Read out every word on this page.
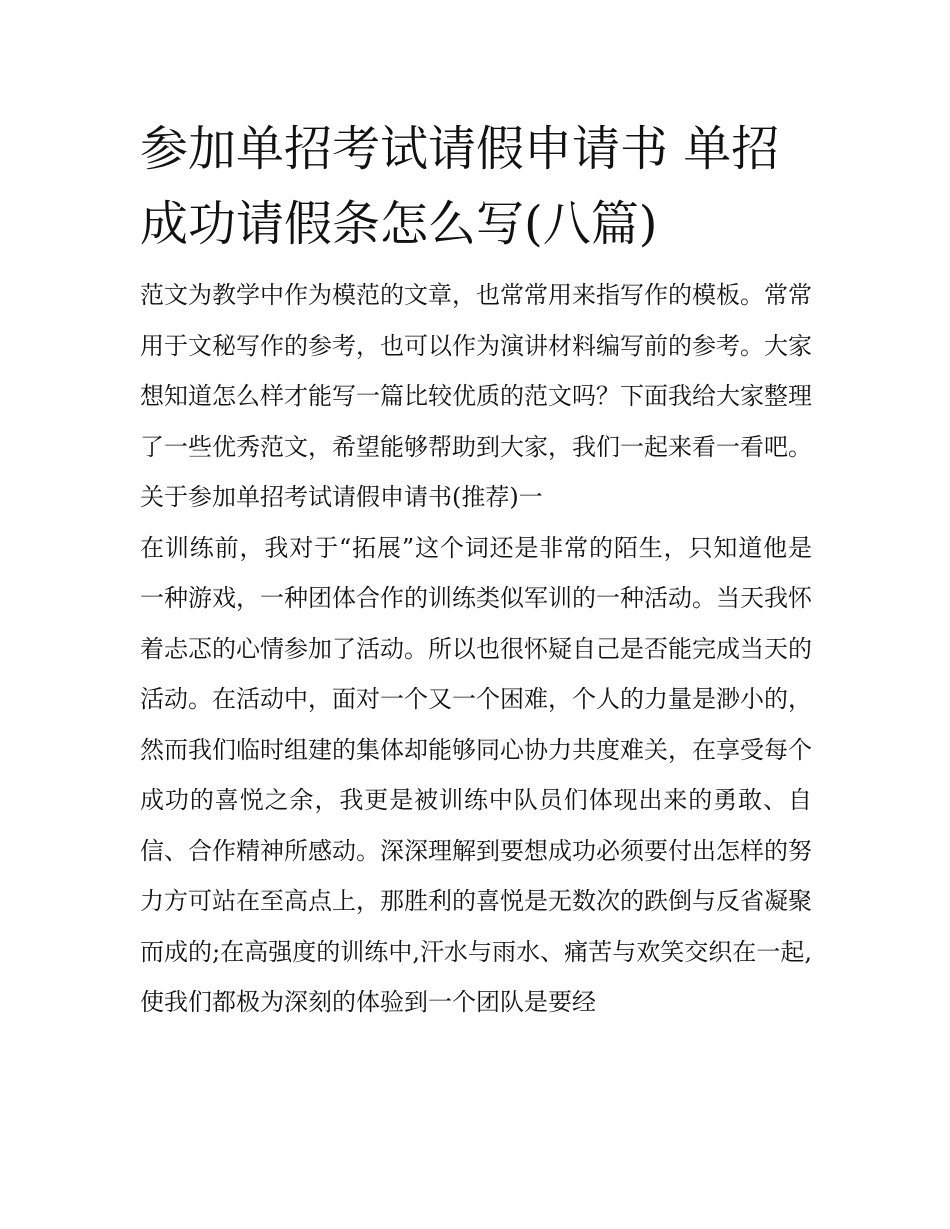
参加单招考试请假申请书 单招成功请假条怎么写(八篇)

范文为教学中作为模范的文章，也常常用来指写作的模板。常常用于文秘写作的参考，也可以作为演讲材料编写前的参考。大家想知道怎么样才能写一篇比较优质的范文吗？下面我给大家整理了一些优秀范文，希望能够帮助到大家，我们一起来看一看吧。

关于参加单招考试请假申请书(推荐)一

在训练前，我对于“拓展”这个词还是非常的陌生，只知道他是一种游戏，一种团体合作的训练类似军训的一种活动。当天我怀着忐忑的心情参加了活动。所以也很怀疑自己是否能完成当天的活动。在活动中，面对一个又一个困难，个人的力量是渺小的，然而我们临时组建的集体却能够同心协力共度难关，在享受每个成功的喜悦之余，我更是被训练中队员们体现出来的勇敢、自信、合作精神所感动。深深理解到要想成功必须要付出怎样的努力方可站在至高点上，那胜利的喜悦是无数次的跌倒与反省凝聚而成的;在高强度的训练中,汗水与雨水、痛苦与欢笑交织在一起,使我们都极为深刻的体验到一个团队是要经
